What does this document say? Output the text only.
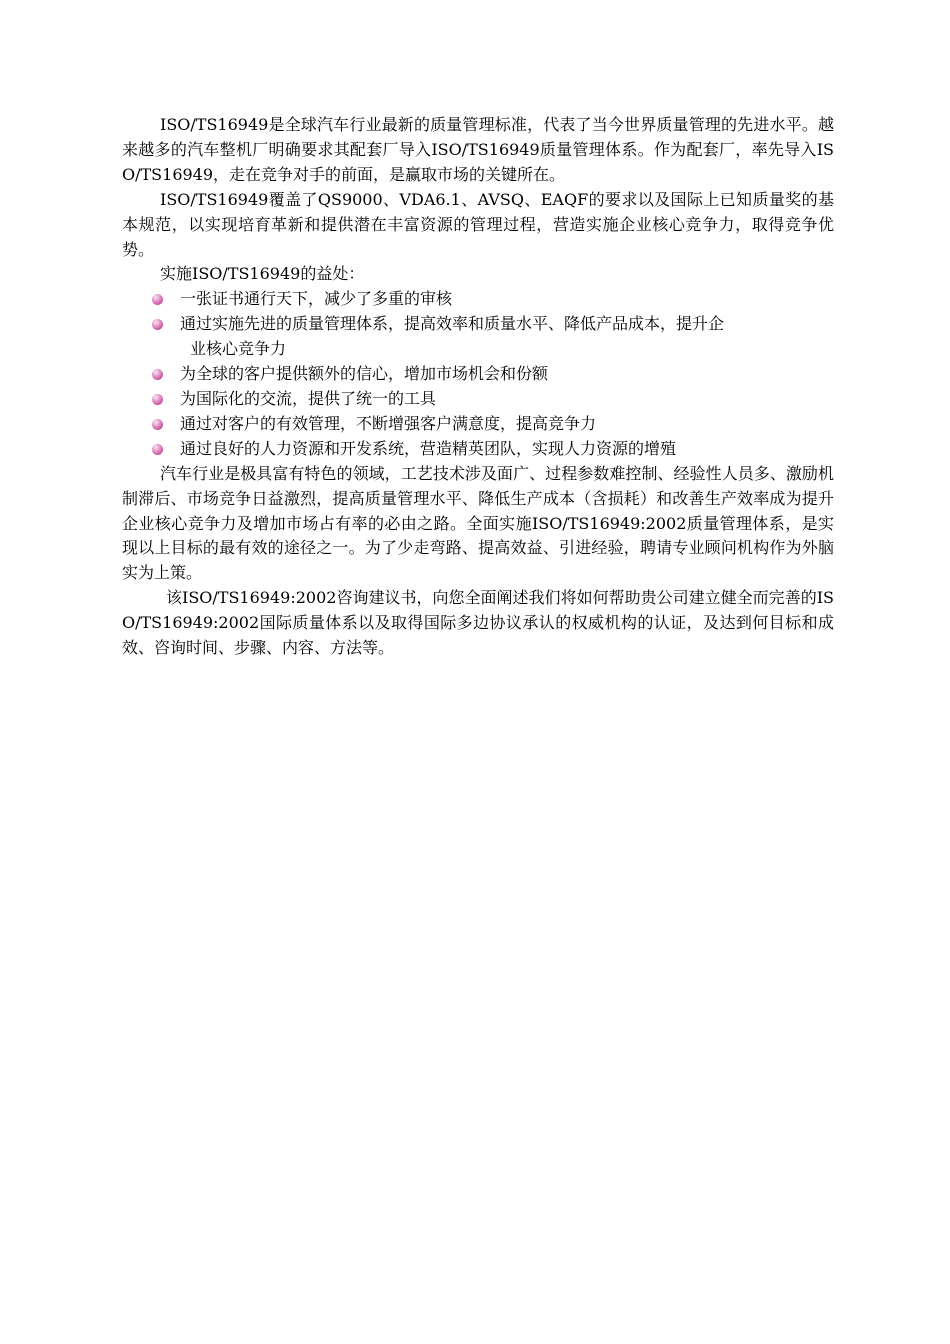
ISO/TS16949是全球汽车行业最新的质量管理标准，代表了当今世界质量管理的先进水平。越来越多的汽车整机厂明确要求其配套厂导入ISO/TS16949质量管理体系。作为配套厂，率先导入ISO/TS16949，走在竞争对手的前面，是赢取市场的关键所在。

ISO/TS16949覆盖了QS9000、VDA6.1、AVSQ、EAQF的要求以及国际上已知质量奖的基本规范，以实现培育革新和提供潜在丰富资源的管理过程，营造实施企业核心竞争力，取得竞争优势。

实施ISO/TS16949的益处：

一张证书通行天下，减少了多重的审核
通过实施先进的质量管理体系，提高效率和质量水平、降低产品成本，提升企
业核心竞争力
为全球的客户提供额外的信心，增加市场机会和份额
为国际化的交流，提供了统一的工具
通过对客户的有效管理，不断增强客户满意度，提高竞争力
通过良好的人力资源和开发系统，营造精英团队，实现人力资源的增殖

汽车行业是极具富有特色的领域，工艺技术涉及面广、过程参数难控制、经验性人员多、激励机制滞后、市场竞争日益激烈，提高质量管理水平、降低生产成本（含损耗）和改善生产效率成为提升企业核心竞争力及增加市场占有率的必由之路。全面实施ISO/TS16949:2002质量管理体系，是实现以上目标的最有效的途径之一。为了少走弯路、提高效益、引进经验，聘请专业顾问机构作为外脑实为上策。

该ISO/TS16949:2002咨询建议书，向您全面阐述我们将如何帮助贵公司建立健全而完善的ISO/TS16949:2002国际质量体系以及取得国际多边协议承认的权威机构的认证，及达到何目标和成效、咨询时间、步骤、内容、方法等。
